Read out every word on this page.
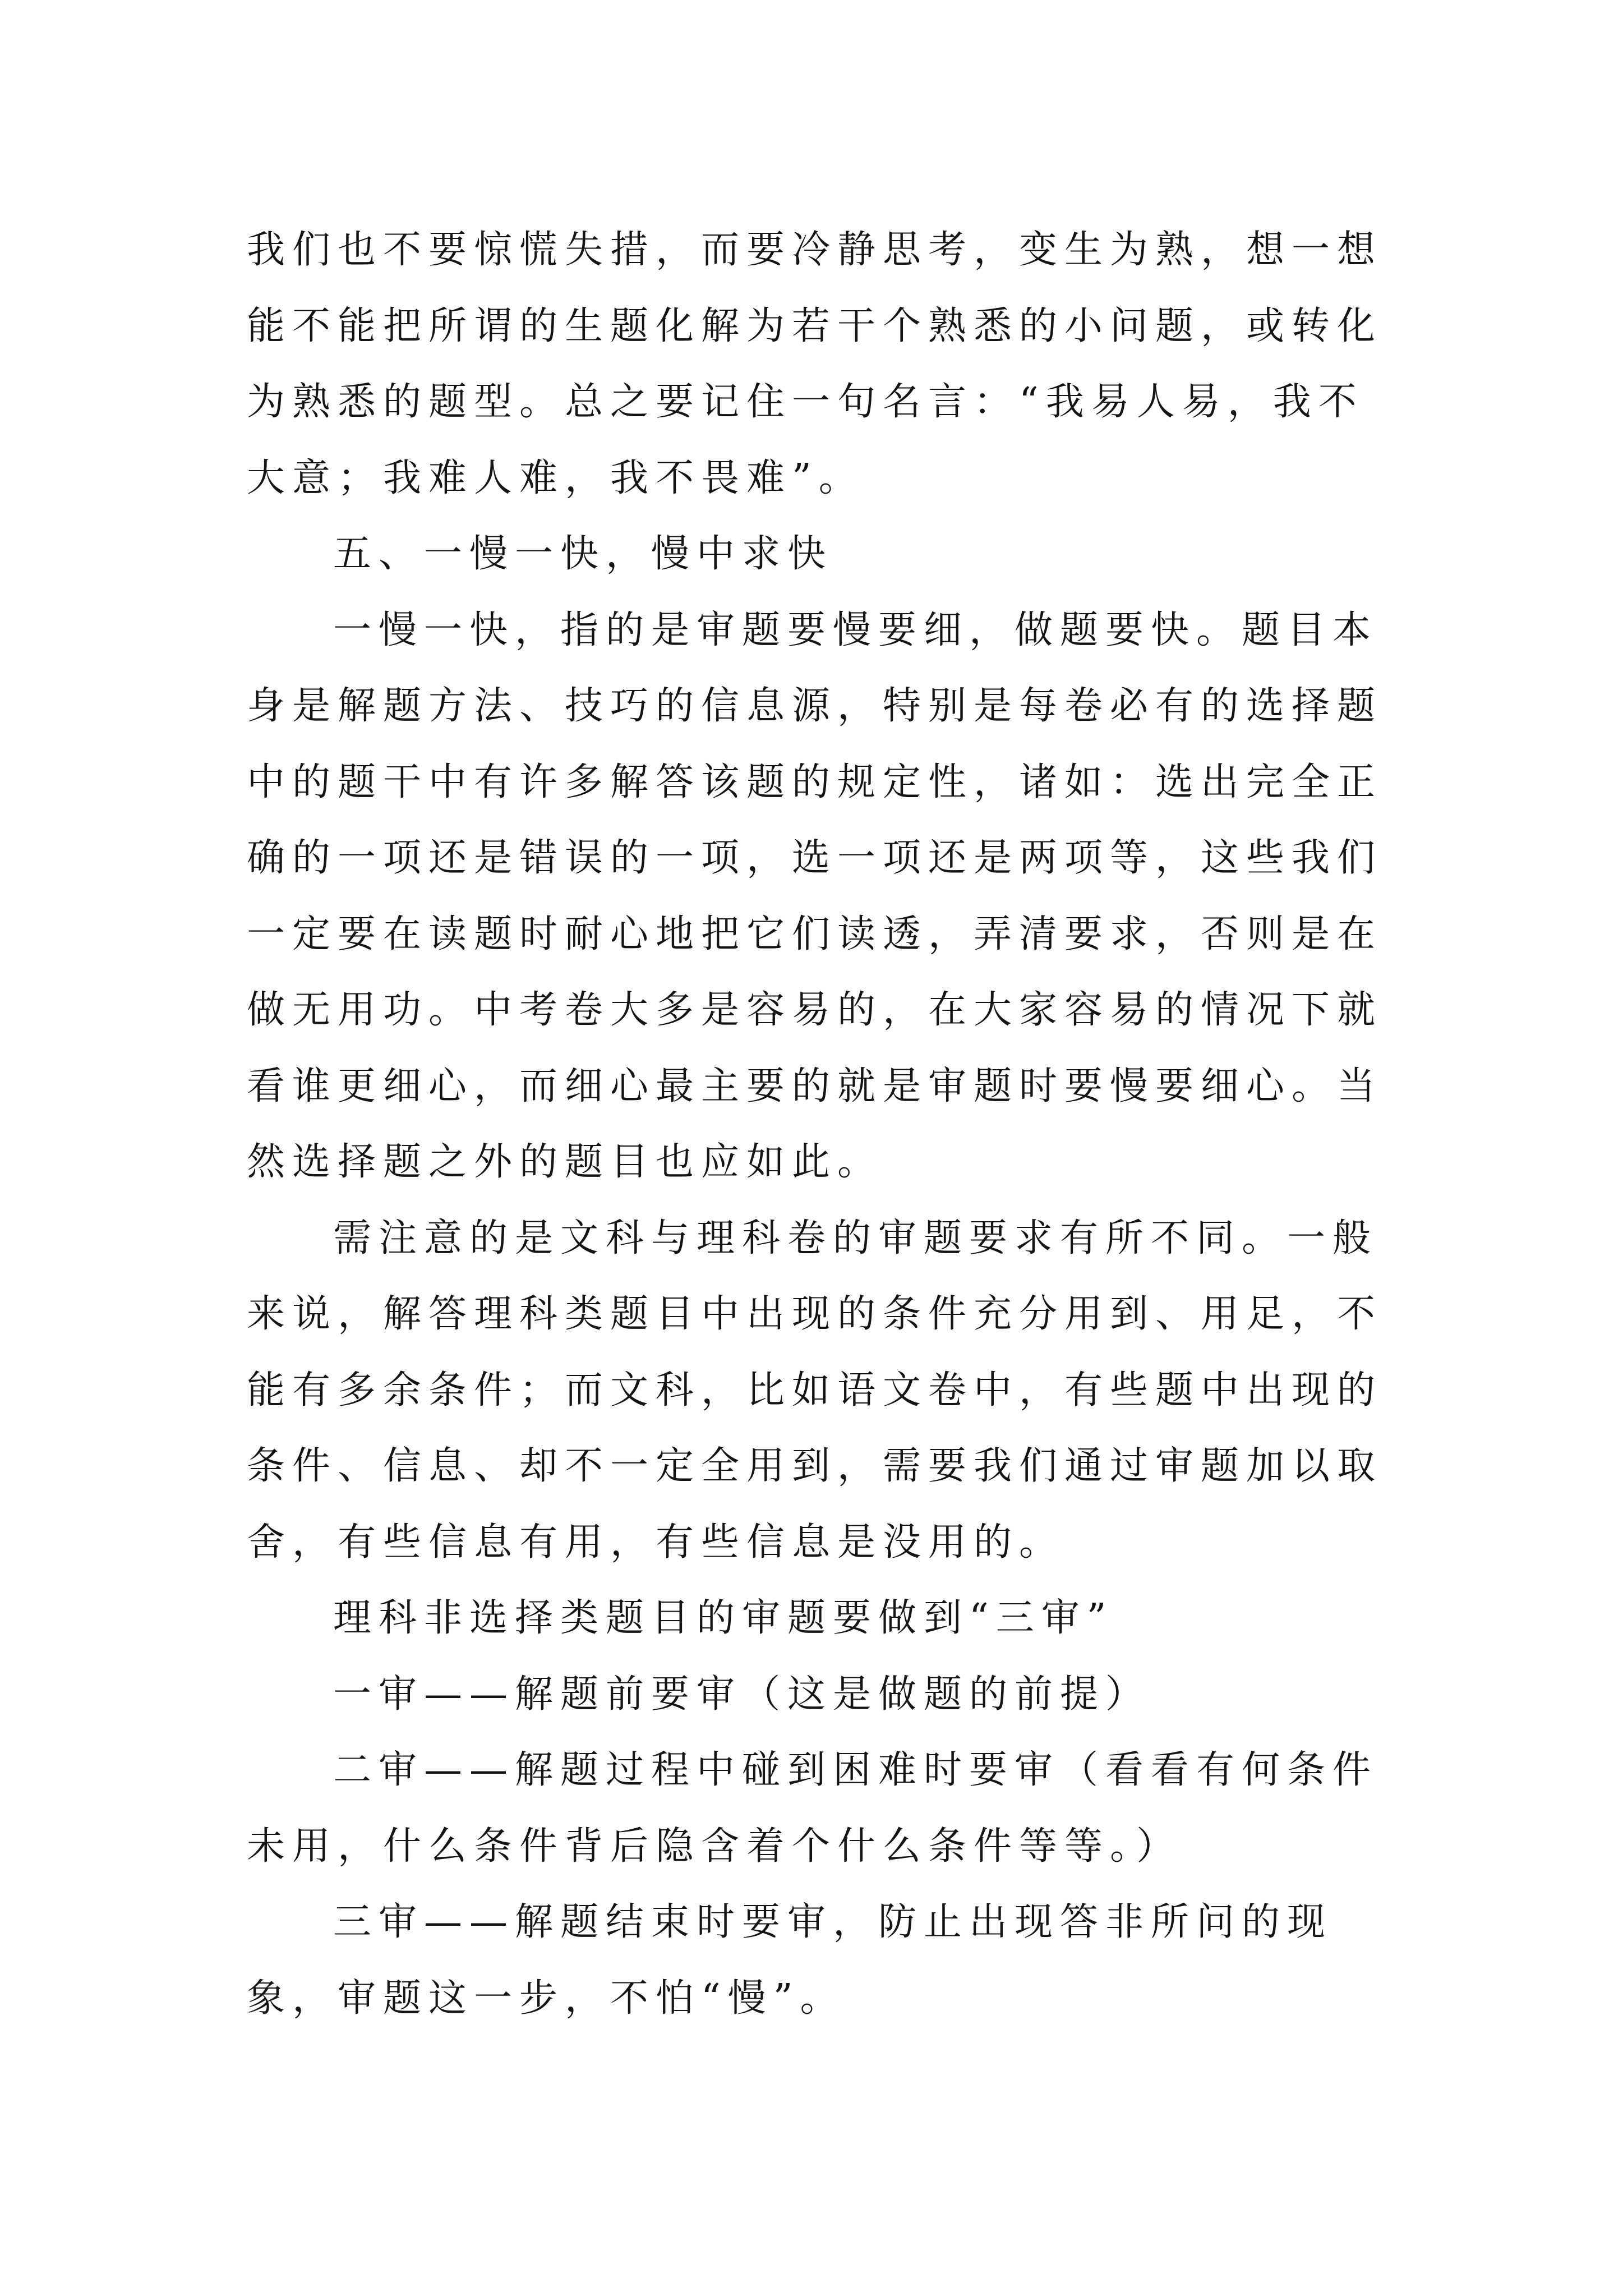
我们也不要惊慌失措，而要冷静思考，变生为熟，想一想能不能把所谓的生题化解为若干个熟悉的小问题，或转化为熟悉的题型。总之要记住一句名言：“我易人易，我不大意；我难人难，我不畏难”。

五、一慢一快，慢中求快

一慢一快，指的是审题要慢要细，做题要快。题目本身是解题方法、技巧的信息源，特别是每卷必有的选择题中的题干中有许多解答该题的规定性，诸如：选出完全正确的一项还是错误的一项，选一项还是两项等，这些我们一定要在读题时耐心地把它们读透，弄清要求，否则是在做无用功。中考卷大多是容易的，在大家容易的情况下就看谁更细心，而细心最主要的就是审题时要慢要细心。当然选择题之外的题目也应如此。

需注意的是文科与理科卷的审题要求有所不同。一般来说，解答理科类题目中出现的条件充分用到、用足，不能有多余条件；而文科，比如语文卷中，有些题中出现的条件、信息、却不一定全用到，需要我们通过审题加以取舍，有些信息有用，有些信息是没用的。

理科非选择类题目的审题要做到“三审”

一审——解题前要审（这是做题的前提）

二审——解题过程中碰到困难时要审（看看有何条件未用，什么条件背后隐含着个什么条件等等。）

三审——解题结束时要审，防止出现答非所问的现象，审题这一步，不怕“慢”。
